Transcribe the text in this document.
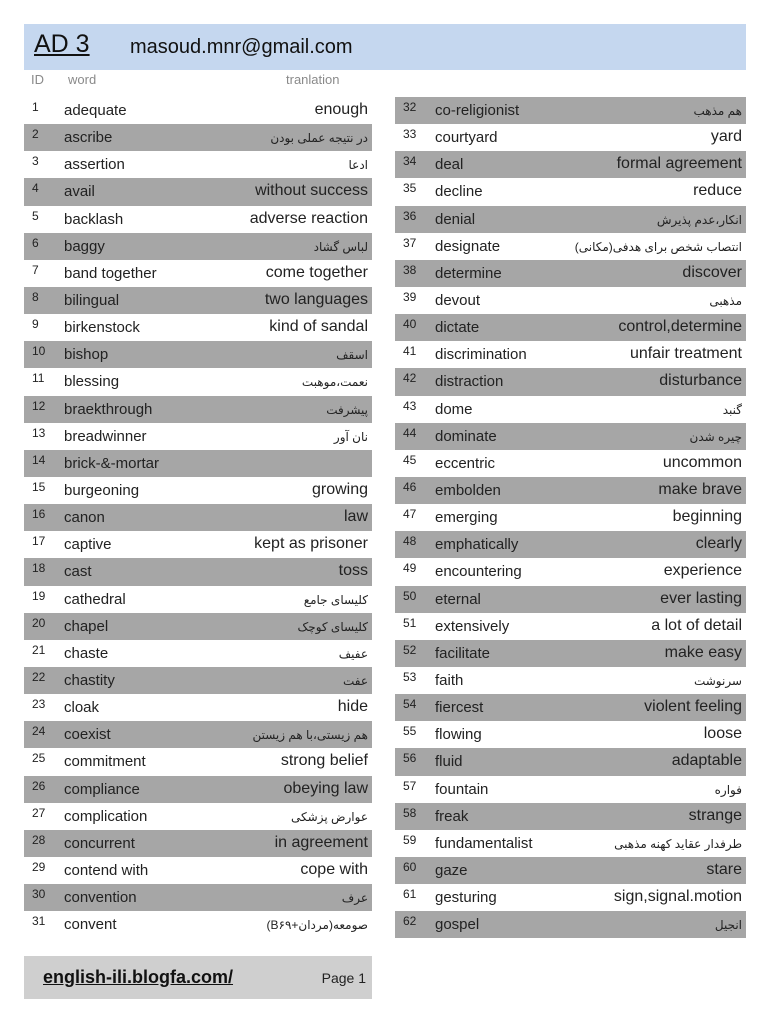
AD 3 masoud.mnr@gmail.com
ID word	tranlation
1 adequate	enough
2 ascribe	در نتیجه عملی بودن
3 assertion	ادعا
4 avail	without success
5 backlash	adverse reaction
6 baggy	لباس گشاد
7 band together	come together
8 bilingual	two languages
9 birkenstock	kind of sandal
10 bishop	اسقف
11 blessing	نعمت،موهبت
12 braekthrough	پیشرفت
13 breadwinner	نان آور
14 brick-&-mortar
15 burgeoning	growing
16 canon	law
17 captive	kept as prisoner
18 cast	toss
19 cathedral	کلیسای جامع
20 chapel	کلیسای کوچک
21 chaste	عفیف
22 chastity	عفت
23 cloak	hide
24 coexist	هم زیستی،با هم زیستن
25 commitment	strong belief
26 compliance	obeying law
27 complication	عوارض پزشکی
28 concurrent	in agreement
29 contend with	cope with
30 convention	عرف
31 convent	صومعه(مردان+B۶۹)
32 co-religionist	هم مذهب
33 courtyard	yard
34 deal	formal agreement
35 decline	reduce
36 denial	انکار،عدم پذیرش
37 designate	انتصاب شخص برای هدفی(مکانی)
38 determine	discover
39 devout	مذهبی
40 dictate	control,determine
41 discrimination	unfair treatment
42 distraction	disturbance
43 dome	گنبد
44 dominate	چیره شدن
45 eccentric	uncommon
46 embolden	make brave
47 emerging	beginning
48 emphatically	clearly
49 encountering	experience
50 eternal	ever lasting
51 extensively	a lot of detail
52 facilitate	make easy
53 faith	سرنوشت
54 fiercest	violent feeling
55 flowing	loose
56 fluid	adaptable
57 fountain	فواره
58 freak	strange
59 fundamentalist	طرفدار عقاید کهنه مذهبی
60 gaze	stare
61 gesturing	sign,signal.motion
62 gospel	انجیل
english-ili.blogfa.com/	Page 1
